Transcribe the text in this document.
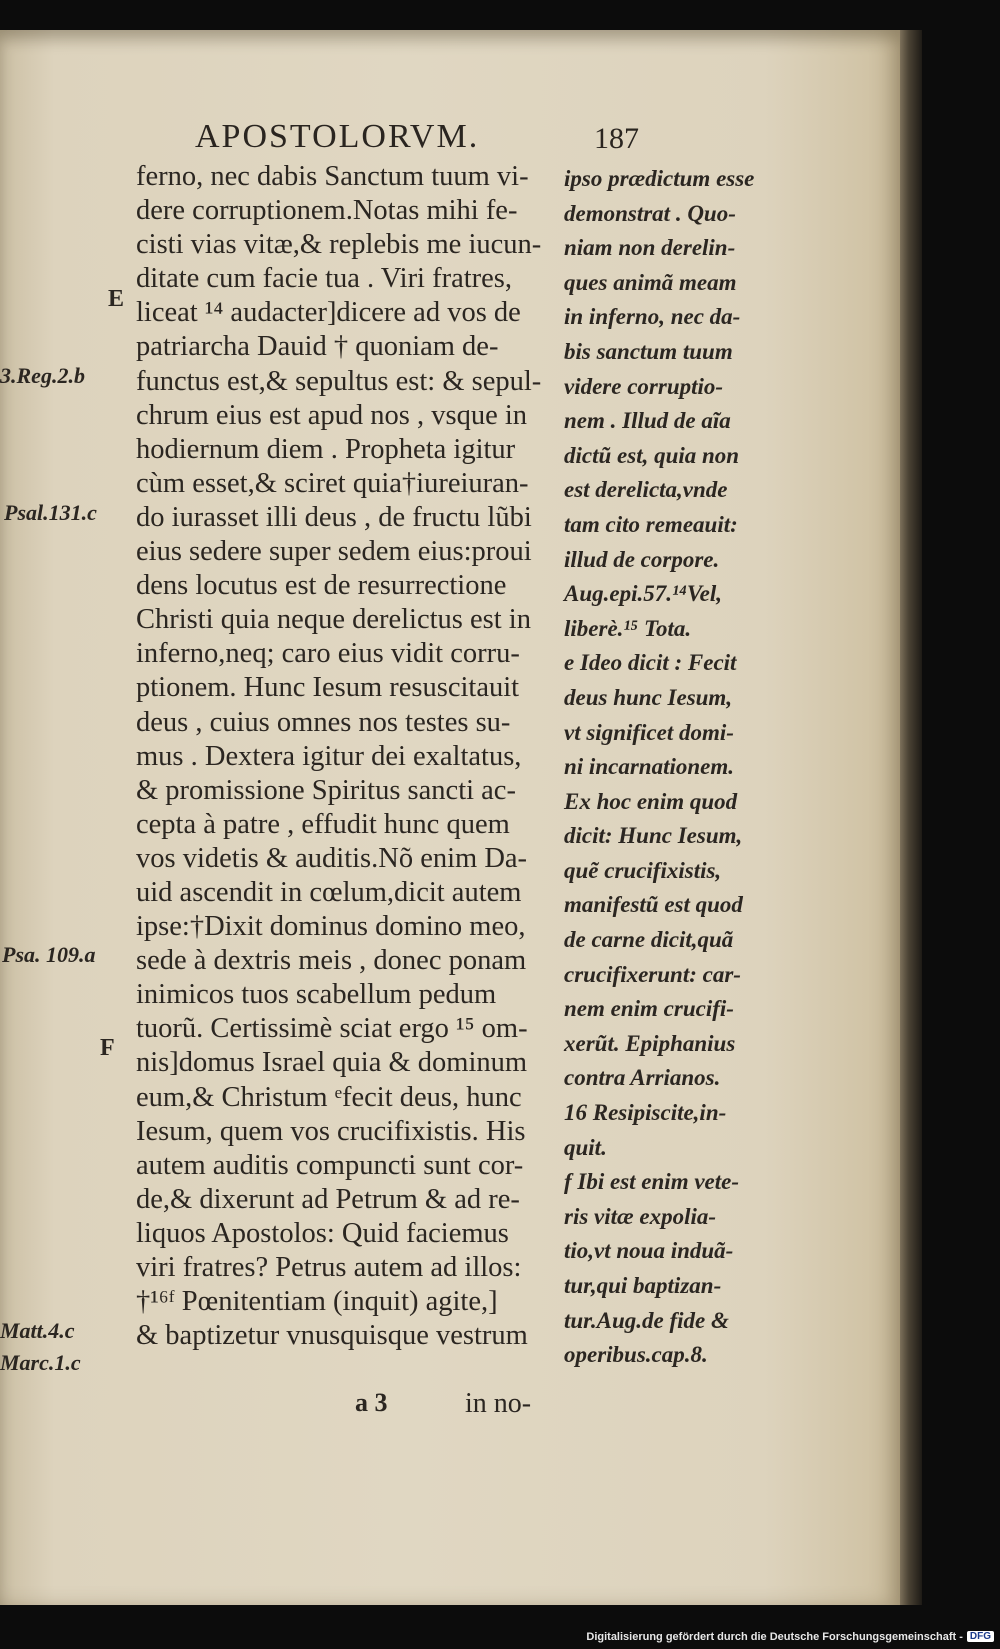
APOSTOLORVM.	187
ferno, nec dabis Sanctum tuum vi-
dere corruptionem.Notas mihi fe-
cisti vias vitæ,& replebis me iucun-
ditate cum facie tua . Viri fratres,
liceat ¹⁴ audacter]dicere ad vos de
patriarcha Dauid † quoniam de-
functus est,& sepultus est: & sepul-
chrum eius est apud nos , vsque in
hodiernum diem . Propheta igitur
cùm esset,& sciret quia†iureiuran-
do iurasset illi deus , de fructu lũbi
eius sedere super sedem eius:proui
dens locutus est de resurrectione
Christi quia neque derelictus est in
inferno,neq; caro eius vidit corru-
ptionem. Hunc Iesum resuscitauit
deus , cuius omnes nos testes su-
mus . Dextera igitur dei exaltatus,
& promissione Spiritus sancti ac-
cepta à patre , effudit hunc quem
vos videtis & auditis.Nõ enim Da-
uid ascendit in cœlum,dicit autem
ipse:†Dixit dominus domino meo,
sede à dextris meis , donec ponam
inimicos tuos scabellum pedum
tuorũ. Certissimè sciat ergo ¹⁵ om-
nis]domus Israel quia & dominum
eum,& Christum ᵉfecit deus, hunc
Iesum, quem vos crucifixistis. His
autem auditis compuncti sunt cor-
de,& dixerunt ad Petrum & ad re-
liquos Apostolos: Quid faciemus
viri fratres? Petrus autem ad illos:
†¹⁶ᶠ Pœnitentiam (inquit) agite,]
& baptizetur vnusquisque vestrum
ipso prædictum esse
demonstrat . Quo-
niam non derelin-
ques animã meam
in inferno, nec da-
bis sanctum tuum
videre corruptio-
nem . Illud de aĩa
dictũ est, quia non
est derelicta,vnde
tam cito remeauit:
illud de corpore.
Aug.epi.57.¹⁴Vel,
liberè.¹⁵ Tota.
e Ideo dicit : Fecit
deus hunc Iesum,
vt significet domi-
ni incarnationem.
Ex hoc enim quod
dicit: Hunc Iesum,
quẽ crucifixistis,
manifestũ est quod
de carne dicit,quã
crucifixerunt: car-
nem enim crucifi-
xerũt. Epiphanius
contra Arrianos.
16 Resipiscite,in-
quit.
f Ibi est enim vete-
ris vitæ expolia-
tio,vt noua induã-
tur,qui baptizan-
tur.Aug.de fide &
operibus.cap.8.
E
F
3.Reg.2.b
Psal.131.c
Psa. 109.a
Matt.4.c
Marc.1.c
a 3	in no-
Digitalisierung gefördert durch die Deutsche Forschungsgemeinschaft - DFG
